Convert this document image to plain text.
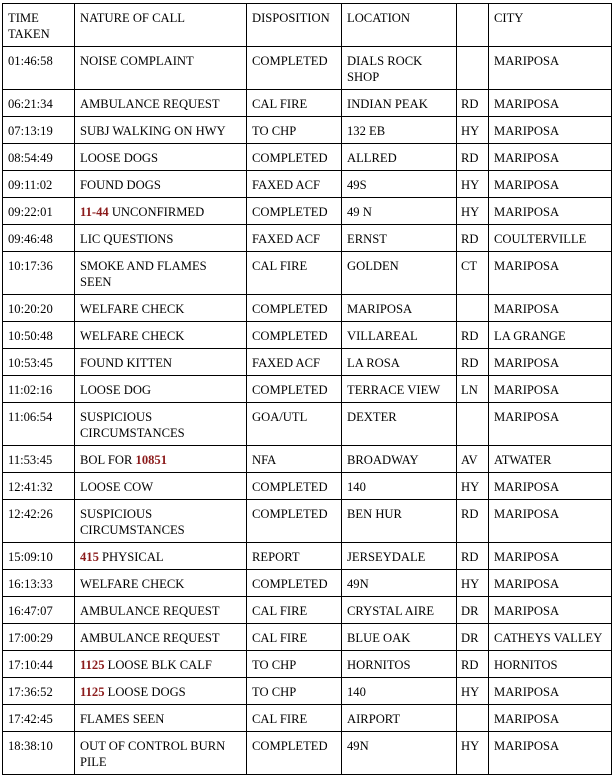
TIME TAKEN	NATURE OF CALL	DISPOSITION	LOCATION		CITY
01:46:58	NOISE COMPLAINT	COMPLETED	DIALS ROCK SHOP		MARIPOSA
06:21:34	AMBULANCE REQUEST	CAL FIRE	INDIAN PEAK	RD	MARIPOSA
07:13:19	SUBJ WALKING ON HWY	TO CHP	132 EB	HY	MARIPOSA
08:54:49	LOOSE DOGS	COMPLETED	ALLRED	RD	MARIPOSA
09:11:02	FOUND DOGS	FAXED ACF	49S	HY	MARIPOSA
09:22:01	11-44 UNCONFIRMED	COMPLETED	49 N	HY	MARIPOSA
09:46:48	LIC QUESTIONS	FAXED ACF	ERNST	RD	COULTERVILLE
10:17:36	SMOKE AND FLAMES SEEN	CAL FIRE	GOLDEN	CT	MARIPOSA
10:20:20	WELFARE CHECK	COMPLETED	MARIPOSA		MARIPOSA
10:50:48	WELFARE CHECK	COMPLETED	VILLAREAL	RD	LA GRANGE
10:53:45	FOUND KITTEN	FAXED ACF	LA ROSA	RD	MARIPOSA
11:02:16	LOOSE DOG	COMPLETED	TERRACE VIEW	LN	MARIPOSA
11:06:54	SUSPICIOUS CIRCUMSTANCES	GOA/UTL	DEXTER		MARIPOSA
11:53:45	BOL FOR 10851	NFA	BROADWAY	AV	ATWATER
12:41:32	LOOSE COW	COMPLETED	140	HY	MARIPOSA
12:42:26	SUSPICIOUS CIRCUMSTANCES	COMPLETED	BEN HUR	RD	MARIPOSA
15:09:10	415 PHYSICAL	REPORT	JERSEYDALE	RD	MARIPOSA
16:13:33	WELFARE CHECK	COMPLETED	49N	HY	MARIPOSA
16:47:07	AMBULANCE REQUEST	CAL FIRE	CRYSTAL AIRE	DR	MARIPOSA
17:00:29	AMBULANCE REQUEST	CAL FIRE	BLUE OAK	DR	CATHEYS VALLEY
17:10:44	1125 LOOSE BLK CALF	TO CHP	HORNITOS	RD	HORNITOS
17:36:52	1125 LOOSE DOGS	TO CHP	140	HY	MARIPOSA
17:42:45	FLAMES SEEN	CAL FIRE	AIRPORT		MARIPOSA
18:38:10	OUT OF CONTROL BURN PILE	COMPLETED	49N	HY	MARIPOSA
